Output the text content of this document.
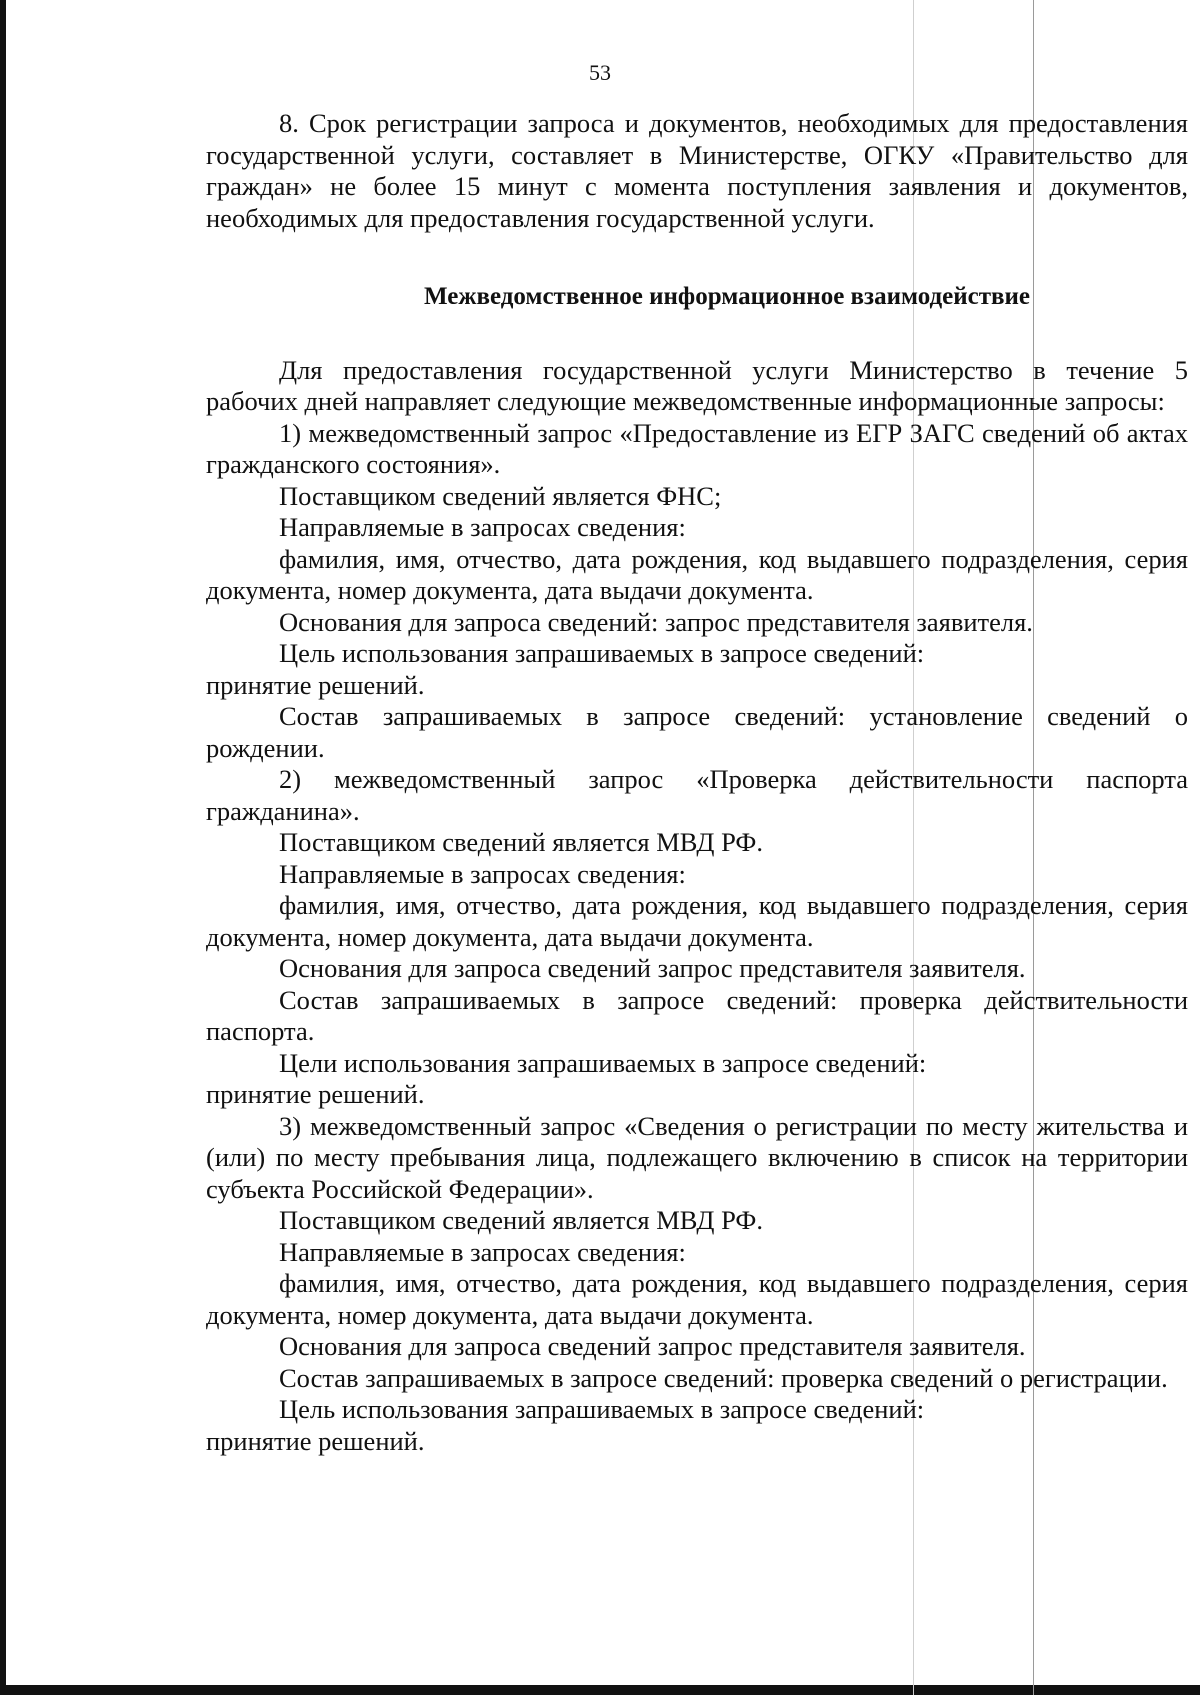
53

8. Срок регистрации запроса и документов, необходимых для предоставления государственной услуги, составляет в Министерстве, ОГКУ «Правительство для граждан» не более 15 минут с момента поступления заявления и документов, необходимых для предоставления государственной услуги.

Межведомственное информационное взаимодействие

Для предоставления государственной услуги Министерство в течение 5 рабочих дней направляет следующие межведомственные информационные запросы:

1) межведомственный запрос «Предоставление из ЕГР ЗАГС сведений об актах гражданского состояния».

Поставщиком сведений является ФНС;

Направляемые в запросах сведения:

фамилия, имя, отчество, дата рождения, код выдавшего подразделения, серия документа, номер документа, дата выдачи документа.

Основания для запроса сведений: запрос представителя заявителя.

Цель использования запрашиваемых в запросе сведений:

принятие решений.

Состав запрашиваемых в запросе сведений: установление сведений о рождении.

2) межведомственный запрос «Проверка действительности паспорта гражданина».

Поставщиком сведений является МВД РФ.

Направляемые в запросах сведения:

фамилия, имя, отчество, дата рождения, код выдавшего подразделения, серия документа, номер документа, дата выдачи документа.

Основания для запроса сведений запрос представителя заявителя.

Состав запрашиваемых в запросе сведений: проверка действительности паспорта.

Цели использования запрашиваемых в запросе сведений:

принятие решений.

3) межведомственный запрос «Сведения о регистрации по месту жительства и (или) по месту пребывания лица, подлежащего включению в список на территории субъекта Российской Федерации».

Поставщиком сведений является МВД РФ.

Направляемые в запросах сведения:

фамилия, имя, отчество, дата рождения, код выдавшего подразделения, серия документа, номер документа, дата выдачи документа.

Основания для запроса сведений запрос представителя заявителя.

Состав запрашиваемых в запросе сведений: проверка сведений о регистрации.

Цель использования запрашиваемых в запросе сведений:

принятие решений.
